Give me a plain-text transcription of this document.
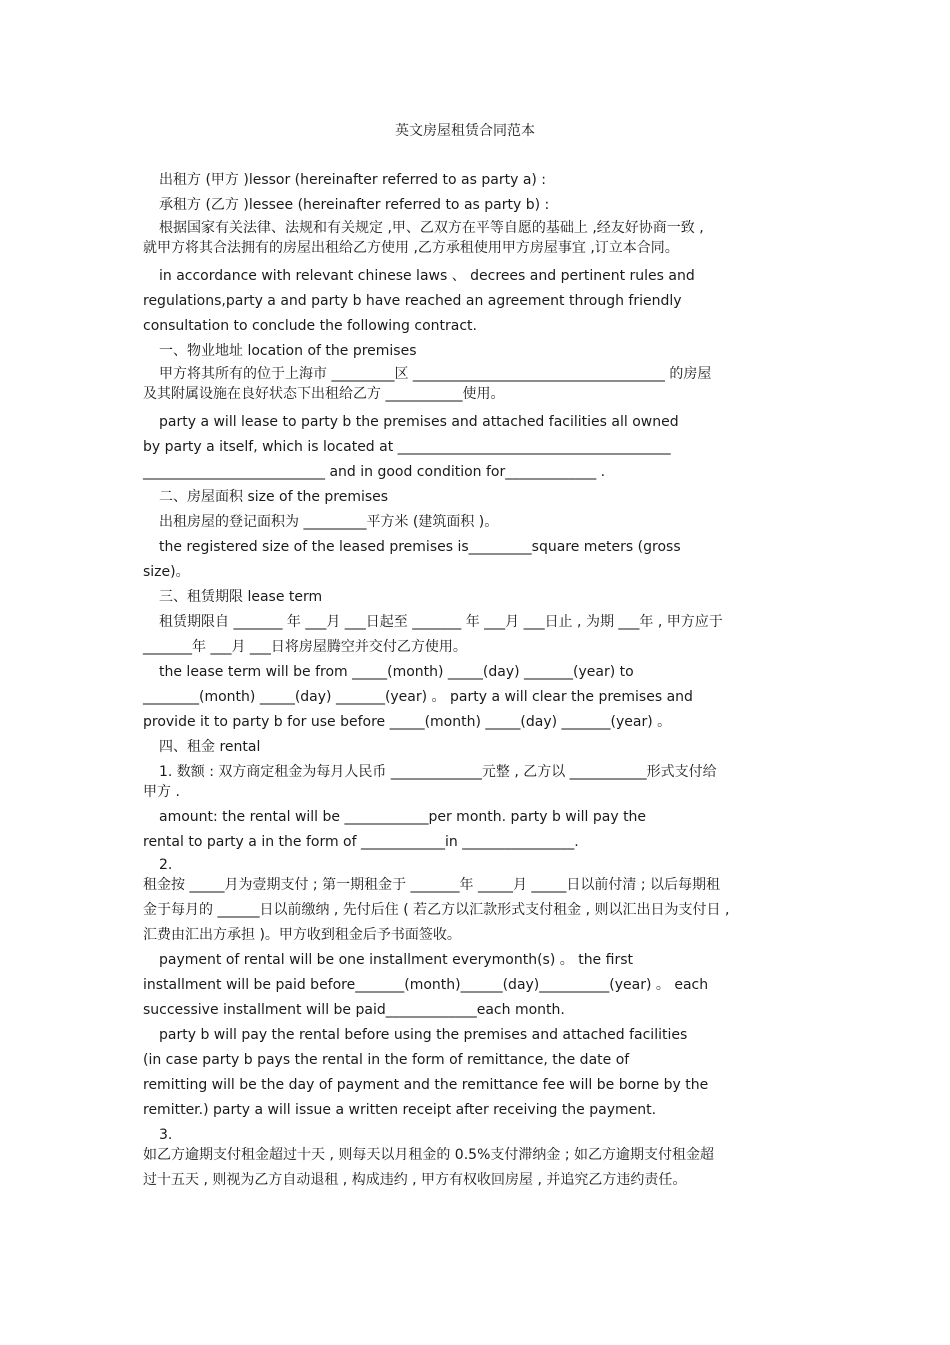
英文房屋租赁合同范本

出租方 (甲方 )lessor (hereinafter referred to as party a) :

承租方 (乙方 )lessee (hereinafter referred to as party b) :

根据国家有关法律、法规和有关规定 ,甲、乙双方在平等自愿的基础上 ,经友好协商一致 ,

就甲方将其合法拥有的房屋出租给乙方使用 ,乙方承租使用甲方房屋事宜 ,订立本合同。

in accordance with relevant chinese laws 、 decrees and pertinent rules and

regulations,party a and party b have reached an agreement through friendly

consultation to conclude the following contract.

一、物业地址 location of the premises

甲方将其所有的位于上海市 _________区 ____________________________________ 的房屋

及其附属设施在良好状态下出租给乙方 ___________使用。

party a will lease to party b the premises and attached facilities all owned

by party a itself, which is located at _______________________________________

__________________________ and in good condition for_____________ .

二、房屋面积 size of the premises

出租房屋的登记面积为 _________平方米 (建筑面积 )。

the registered size of the leased premises is_________square meters (gross

size)。

三、租赁期限 lease term

租赁期限自 _______ 年 ___月 ___日起至 _______ 年 ___月 ___日止 , 为期 ___年 , 甲方应于

_______年 ___月 ___日将房屋腾空并交付乙方使用。

the lease term will be from _____(month) _____(day) _______(year) to

________(month) _____(day) _______(year) 。 party a will clear the premises and

provide it to party b for use before _____(month) _____(day) _______(year) 。

四、租金 rental

1. 数额 : 双方商定租金为每月人民币 _____________元整 , 乙方以 ___________形式支付给

甲方 .

amount: the rental will be ____________per month. party b will pay the

rental to party a in the form of ____________in ________________.

2.

租金按 _____月为壹期支付 ; 第一期租金于 _______年 _____月 _____日以前付清 ; 以后每期租

金于每月的 ______日以前缴纳 , 先付后住 ( 若乙方以汇款形式支付租金 , 则以汇出日为支付日 ,

汇费由汇出方承担 )。甲方收到租金后予书面签收。

payment of rental will be one installment everymonth(s) 。 the first

installment will be paid before_______(month)______(day)__________(year) 。 each

successive installment will be paid_____________each month.

party b will pay the rental before using the premises and attached facilities

(in case party b pays the rental in the form of remittance, the date of

remitting will be the day of payment and the remittance fee will be borne by the

remitter.) party a will issue a written receipt after receiving the payment.

3.

如乙方逾期支付租金超过十天 , 则每天以月租金的 0.5%支付滞纳金 ; 如乙方逾期支付租金超

过十五天 , 则视为乙方自动退租 , 构成违约 , 甲方有权收回房屋 , 并追究乙方违约责任。
